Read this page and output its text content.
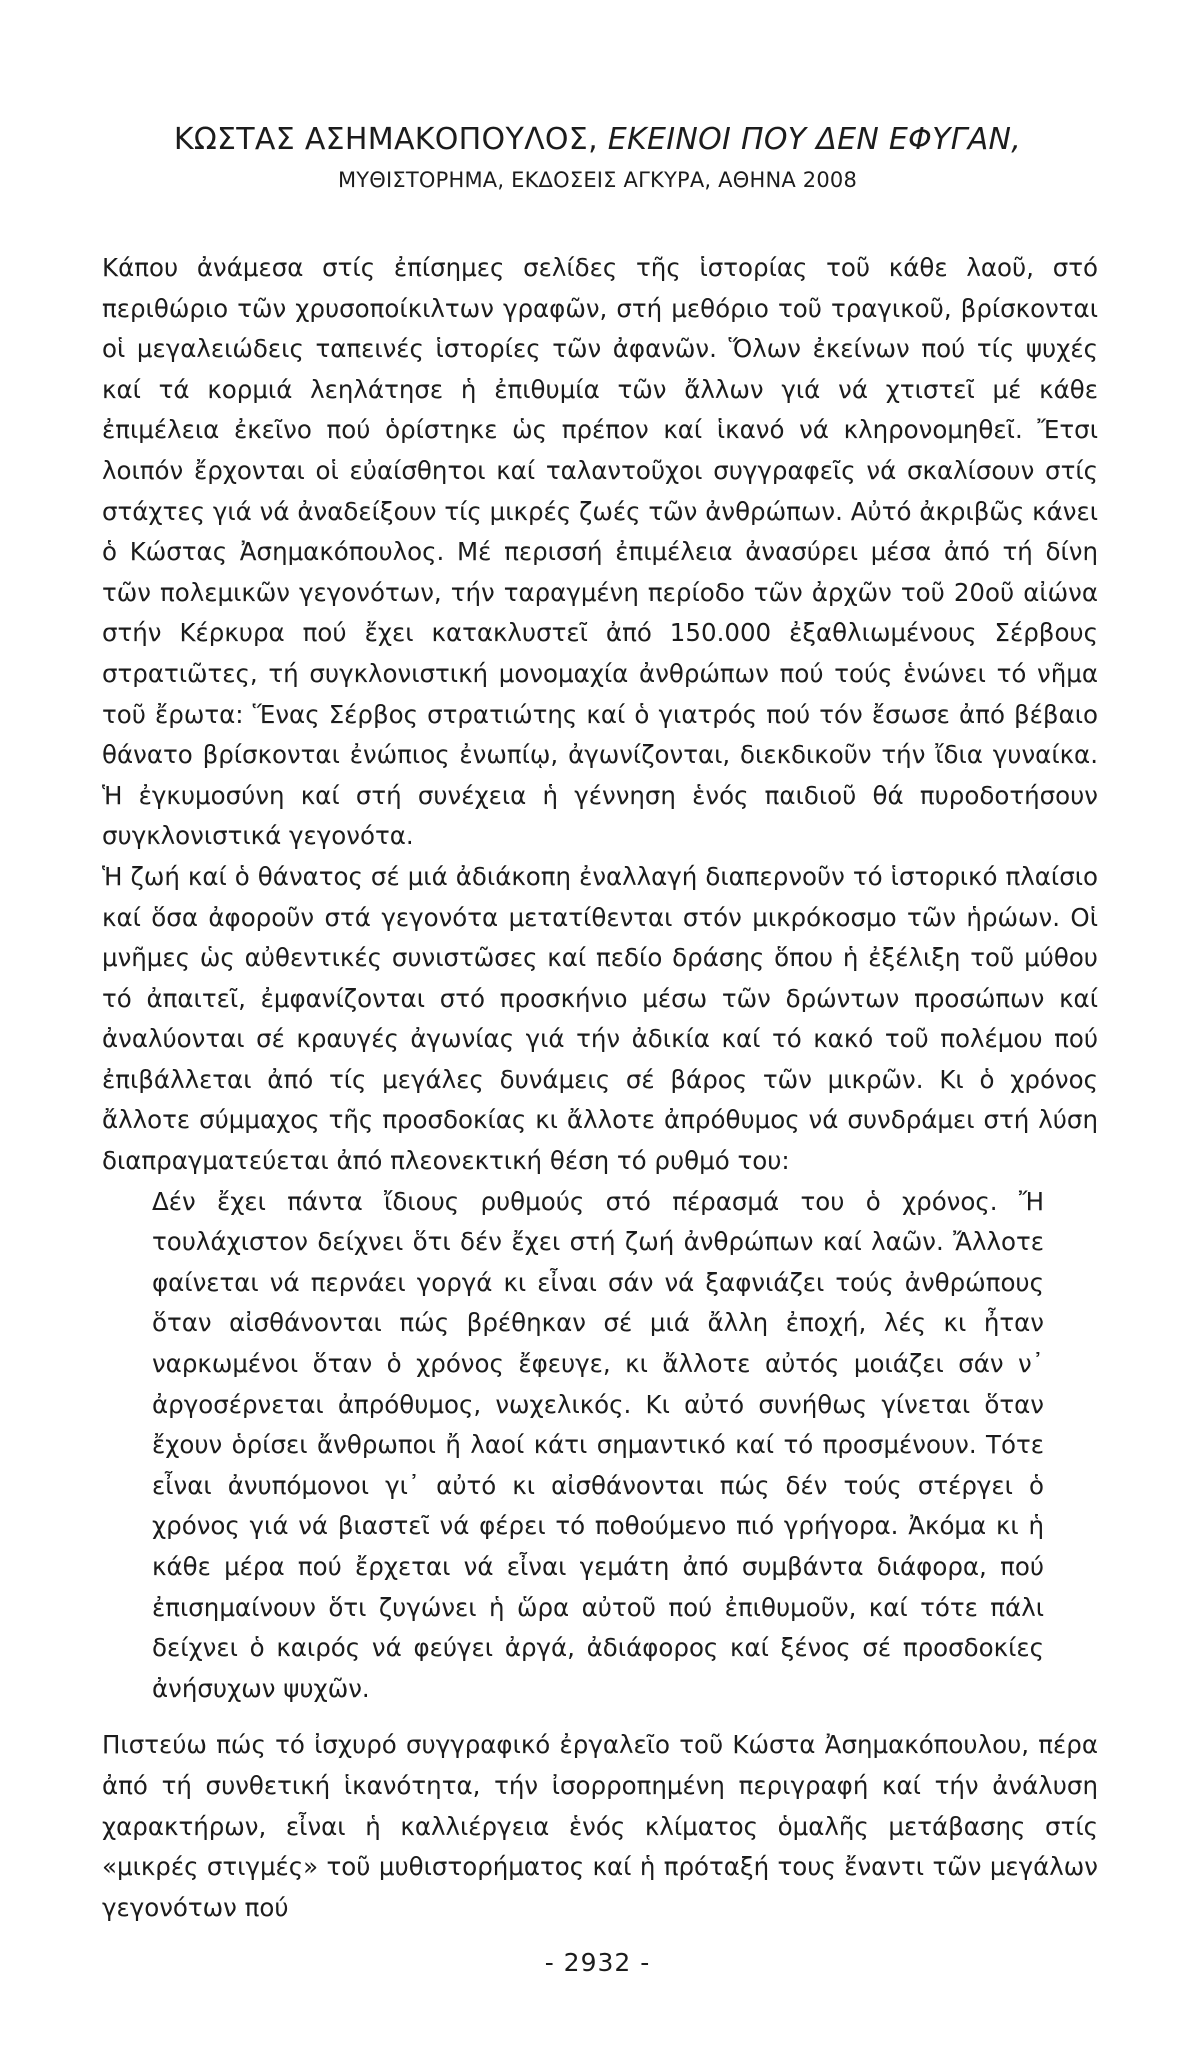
ΚΩΣΤΑΣ ΑΣΗΜΑΚΟΠΟΥΛΟΣ, ΕΚΕΙΝΟΙ ΠΟΥ ΔΕΝ ΕΦΥΓΑΝ,
ΜΥΘΙΣΤΟΡΗΜΑ, ΕΚΔΟΣΕΙΣ ΑΓΚΥΡΑ, ΑΘΗΝΑ 2008

Κάπου ἀνάμεσα στίς ἐπίσημες σελίδες τῆς ἱστορίας τοῦ κάθε λαοῦ, στό περιθώριο τῶν χρυσοποίκιλτων γραφῶν, στή μεθόριο τοῦ τραγικοῦ, βρίσκονται οἱ μεγαλειώδεις ταπεινές ἱστορίες τῶν ἀφανῶν. Ὅλων ἐκείνων πού τίς ψυχές καί τά κορμιά λεηλάτησε ἡ ἐπιθυμία τῶν ἄλλων γιά νά χτιστεῖ μέ κάθε ἐπιμέλεια ἐκεῖνο πού ὁρίστηκε ὡς πρέπον καί ἱκανό νά κληρονομηθεῖ. Ἔτσι λοιπόν ἔρχονται οἱ εὐαίσθητοι καί ταλαντοῦχοι συγγραφεῖς νά σκαλίσουν στίς στάχτες γιά νά ἀναδείξουν τίς μικρές ζωές τῶν ἀνθρώπων. Αὐτό ἀκριβῶς κάνει ὁ Κώστας Ἀσημακόπουλος. Μέ περισσή ἐπιμέλεια ἀνασύρει μέσα ἀπό τή δίνη τῶν πολεμικῶν γεγονότων, τήν ταραγμένη περίοδο τῶν ἀρχῶν τοῦ 20οῦ αἰώνα στήν Κέρκυρα πού ἔχει κατακλυστεῖ ἀπό 150.000 ἐξαθλιωμένους Σέρβους στρατιῶτες, τή συγκλονιστική μονομαχία ἀνθρώπων πού τούς ἑνώνει τό νῆμα τοῦ ἔρωτα: Ἕνας Σέρβος στρατιώτης καί ὁ γιατρός πού τόν ἔσωσε ἀπό βέβαιο θάνατο βρίσκονται ἐνώπιος ἐνωπίῳ, ἀγωνίζονται, διεκδικοῦν τήν ἴδια γυναίκα. Ἡ ἐγκυμοσύνη καί στή συνέχεια ἡ γέννηση ἑνός παιδιοῦ θά πυροδοτήσουν συγκλονιστικά γεγονότα.

Ἡ ζωή καί ὁ θάνατος σέ μιά ἀδιάκοπη ἐναλλαγή διαπερνοῦν τό ἱστορικό πλαίσιο καί ὅσα ἀφοροῦν στά γεγονότα μετατίθενται στόν μικρόκοσμο τῶν ἡρώων. Οἱ μνῆμες ὡς αὐθεντικές συνιστῶσες καί πεδίο δράσης ὅπου ἡ ἐξέλιξη τοῦ μύθου τό ἀπαιτεῖ, ἐμφανίζονται στό προσκήνιο μέσω τῶν δρώντων προσώπων καί ἀναλύονται σέ κραυγές ἀγωνίας γιά τήν ἀδικία καί τό κακό τοῦ πολέμου πού ἐπιβάλλεται ἀπό τίς μεγάλες δυνάμεις σέ βάρος τῶν μικρῶν. Κι ὁ χρόνος ἄλλοτε σύμμαχος τῆς προσδοκίας κι ἄλλοτε ἀπρόθυμος νά συνδράμει στή λύση διαπραγματεύεται ἀπό πλεονεκτική θέση τό ρυθμό του:

Δέν ἔχει πάντα ἴδιους ρυθμούς στό πέρασμά του ὁ χρόνος. Ἤ τουλάχιστον δείχνει ὅτι δέν ἔχει στή ζωή ἀνθρώπων καί λαῶν. Ἄλλοτε φαίνεται νά περνάει γοργά κι εἶναι σάν νά ξαφνιάζει τούς ἀνθρώπους ὅταν αἰσθάνονται πώς βρέθηκαν σέ μιά ἄλλη ἐποχή, λές κι ἦταν ναρκωμένοι ὅταν ὁ χρόνος ἔφευγε, κι ἄλλοτε αὐτός μοιάζει σάν ν᾽ ἀργοσέρνεται ἀπρόθυμος, νωχελικός. Κι αὐτό συνήθως γίνεται ὅταν ἔχουν ὁρίσει ἄνθρωποι ἤ λαοί κάτι σημαντικό καί τό προσμένουν. Τότε εἶναι ἀνυπόμονοι γι᾽ αὐτό κι αἰσθάνονται πώς δέν τούς στέργει ὁ χρόνος γιά νά βιαστεῖ νά φέρει τό ποθούμενο πιό γρήγορα. Ἀκόμα κι ἡ κάθε μέρα πού ἔρχεται νά εἶναι γεμάτη ἀπό συμβάντα διάφορα, πού ἐπισημαίνουν ὅτι ζυγώνει ἡ ὥρα αὐτοῦ πού ἐπιθυμοῦν, καί τότε πάλι δείχνει ὁ καιρός νά φεύγει ἀργά, ἀδιάφορος καί ξένος σέ προσδοκίες ἀνήσυχων ψυχῶν.

Πιστεύω πώς τό ἰσχυρό συγγραφικό ἐργαλεῖο τοῦ Κώστα Ἀσημακόπουλου, πέρα ἀπό τή συνθετική ἱκανότητα, τήν ἰσορροπημένη περιγραφή καί τήν ἀνάλυση χαρακτήρων, εἶναι ἡ καλλιέργεια ἑνός κλίματος ὁμαλῆς μετάβασης στίς «μικρές στιγμές» τοῦ μυθιστορήματος καί ἡ πρόταξή τους ἔναντι τῶν μεγάλων γεγονότων πού

- 2932 -
